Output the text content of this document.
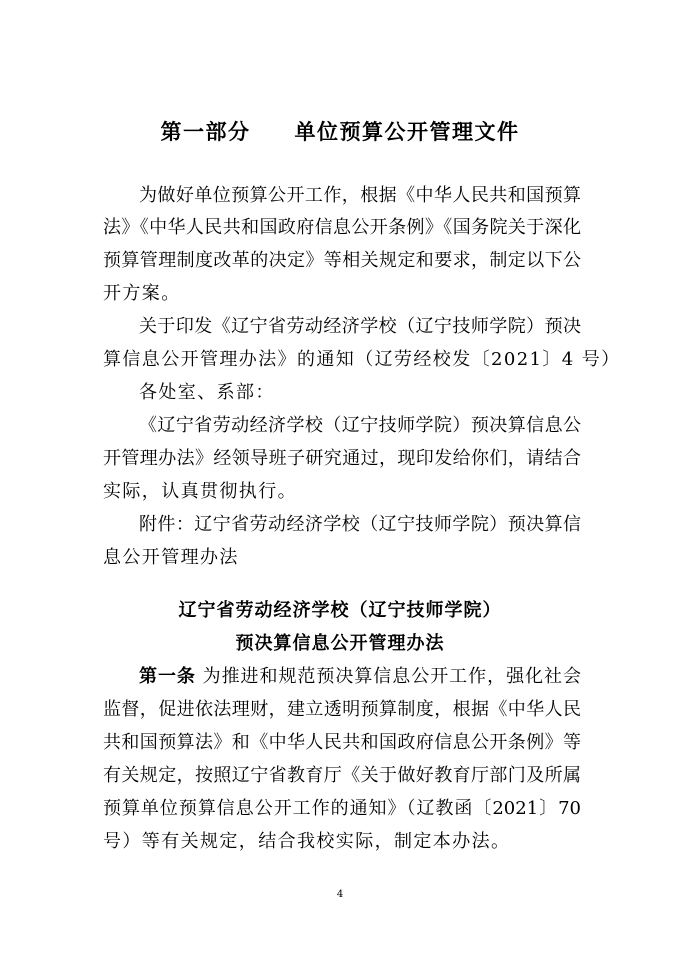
第一部分 单位预算公开管理文件
为做好单位预算公开工作，根据《中华人民共和国预算
法》《中华人民共和国政府信息公开条例》《国务院关于深化
预算管理制度改革的决定》等相关规定和要求，制定以下公
开方案。
关于印发《辽宁省劳动经济学校（辽宁技师学院）预决
算信息公开管理办法》的通知（辽劳经校发〔2021〕4 号）
各处室、系部：
《辽宁省劳动经济学校（辽宁技师学院）预决算信息公
开管理办法》经领导班子研究通过，现印发给你们，请结合
实际，认真贯彻执行。
附件：辽宁省劳动经济学校（辽宁技师学院）预决算信
息公开管理办法
辽宁省劳动经济学校（辽宁技师学院）
预决算信息公开管理办法
第一条 为推进和规范预决算信息公开工作，强化社会
监督，促进依法理财，建立透明预算制度，根据《中华人民
共和国预算法》和《中华人民共和国政府信息公开条例》等
有关规定，按照辽宁省教育厅《关于做好教育厅部门及所属
预算单位预算信息公开工作的通知》（辽教函〔2021〕70
号）等有关规定，结合我校实际，制定本办法。
4
